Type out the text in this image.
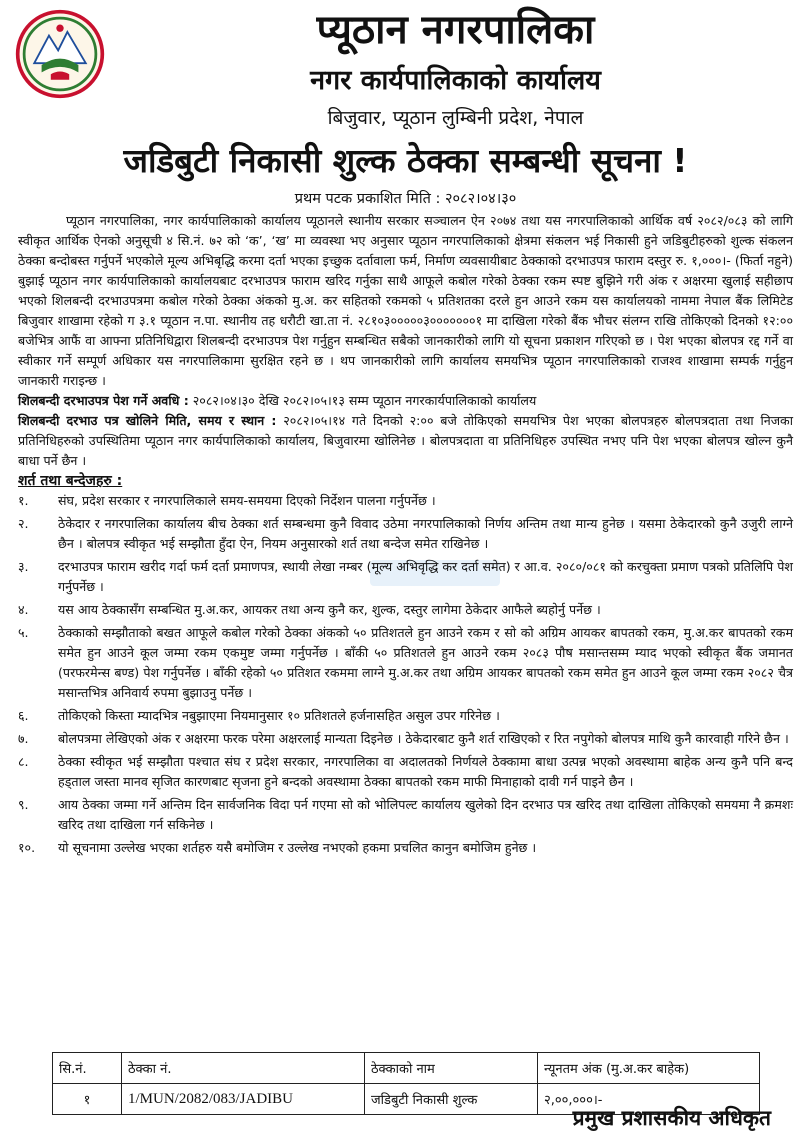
प्यूठान नगरपालिका
नगर कार्यपालिकाको कार्यालय
बिजुवार, प्यूठान लुम्बिनी प्रदेश, नेपाल
जडिबुटी निकासी शुल्क ठेक्का सम्बन्धी सूचना !
प्रथम पटक प्रकाशित मिति : २०८२।०४।३०

प्यूठान नगरपालिका, नगर कार्यपालिकाको कार्यालय प्यूठानले स्थानीय सरकार सञ्चालन ऐन २०७४ तथा यस नगरपालिकाको आर्थिक वर्ष २०८२/०८३ को लागि स्वीकृत आर्थिक ऐनको अनुसूची ४ सि.नं. ७२ को ‘क’, ‘ख’ मा व्यवस्था भए अनुसार प्यूठान नगरपालिकाको क्षेत्रमा संकलन भई निकासी हुने जडिबुटीहरुको शुल्क संकलन ठेक्का बन्दोबस्त गर्नुपर्ने भएकोले मूल्य अभिबृद्धि करमा दर्ता भएका इच्छुक दर्तावाला फर्म, निर्माण व्यवसायीबाट ठेक्काको दरभाउपत्र फाराम दस्तुर रु. १,०००।- (फिर्ता नहुने) बुझाई प्यूठान नगर कार्यपालिकाको कार्यालयबाट दरभाउपत्र फाराम खरिद गर्नुका साथै आफूले कबोल गरेको ठेक्का रकम स्पष्ट बुझिने गरी अंक र अक्षरमा खुलाई सहीछाप भएको शिलबन्दी दरभाउपत्रमा कबोल गरेको ठेक्का अंकको मु.अ. कर सहितको रकमको ५ प्रतिशतका दरले हुन आउने रकम यस कार्यालयको नाममा नेपाल बैंक लिमिटेड बिजुवार शाखामा रहेको ग ३.१ प्यूठान न.पा. स्थानीय तह धरौटी खा.ता नं. २८१०३०००००३०००००००१ मा दाखिला गरेको बैंक भौचर संलग्न राखि तोकिएको दिनको १२:०० बजेभित्र आफैं वा आफ्ना प्रतिनिधिद्वारा शिलबन्दी दरभाउपत्र पेश गर्नुहुन सम्बन्धित सबैको जानकारीको लागि यो सूचना प्रकाशन गरिएको छ । पेश भएका बोलपत्र रद्द गर्ने वा स्वीकार गर्ने सम्पूर्ण अधिकार यस नगरपालिकामा सुरक्षित रहने छ । थप जानकारीको लागि कार्यालय समयभित्र प्यूठान नगरपालिकाको राजश्व शाखामा सम्पर्क गर्नुहुन जानकारी गराइन्छ ।

शिलबन्दी दरभाउपत्र पेश गर्ने अवधि : २०८२।०४।३० देखि २०८२।०५।१३ सम्म प्यूठान नगरकार्यपालिकाको कार्यालय

शिलबन्दी दरभाउ पत्र खोलिने मिति, समय र स्थान : २०८२।०५।१४ गते दिनको २:०० बजे तोकिएको समयभित्र पेश भएका बोलपत्रहरु बोलपत्रदाता तथा निजका प्रतिनिधिहरुको उपस्थितिमा प्यूठान नगर कार्यपालिकाको कार्यालय, बिजुवारमा खोलिनेछ । बोलपत्रदाता वा प्रतिनिधिहरु उपस्थित नभए पनि पेश भएका बोलपत्र खोल्न कुनै बाधा पर्ने छैन ।

शर्त तथा बन्देजहरु :

१. संघ, प्रदेश सरकार र नगरपालिकाले समय-समयमा दिएको निर्देशन पालना गर्नुपर्नेछ ।
२. ठेकेदार र नगरपालिका कार्यालय बीच ठेक्का शर्त सम्बन्धमा कुनै विवाद उठेमा नगरपालिकाको निर्णय अन्तिम तथा मान्य हुनेछ । यसमा ठेकेदारको कुनै उजुरी लाग्ने छैन । बोलपत्र स्वीकृत भई सम्झौता हुँदा ऐन, नियम अनुसारको शर्त तथा बन्देज समेत राखिनेछ ।
३. दरभाउपत्र फाराम खरीद गर्दा फर्म दर्ता प्रमाणपत्र, स्थायी लेखा नम्बर (मूल्य अभिवृद्धि कर दर्ता समेत) र आ.व. २०८०/०८१ को करचुक्ता प्रमाण पत्रको प्रतिलिपि पेश गर्नुपर्नेछ ।
४. यस आय ठेक्कासँग सम्बन्धित मु.अ.कर, आयकर तथा अन्य कुनै कर, शुल्क, दस्तुर लागेमा ठेकेदार आफैले ब्यहोर्नु पर्नेछ ।
५. ठेक्काको सम्झौताको बखत आफूले कबोल गरेको ठेक्का अंकको ५० प्रतिशतले हुन आउने रकम र सो को अग्रिम आयकर बापतको रकम, मु.अ.कर बापतको रकम समेत हुन आउने कूल जम्मा रकम एकमुष्ट जम्मा गर्नुपर्नेछ । बाँकी ५० प्रतिशतले हुन आउने रकम २०८३ पौष मसान्तसम्म म्याद भएको स्वीकृत बैंक जमानत (परफरमेन्स बण्ड) पेश गर्नुपर्नेछ । बाँकी रहेको ५० प्रतिशत रकममा लाग्ने मु.अ.कर तथा अग्रिम आयकर बापतको रकम समेत हुन आउने कूल जम्मा रकम २०८२ चैत्र मसान्तभित्र अनिवार्य रुपमा बुझाउनु पर्नेछ ।
६. तोकिएको किस्ता म्यादभित्र नबुझाएमा नियमानुसार १० प्रतिशतले हर्जनासहित असुल उपर गरिनेछ ।
७. बोलपत्रमा लेखिएको अंक र अक्षरमा फरक परेमा अक्षरलाई मान्यता दिइनेछ । ठेकेदारबाट कुनै शर्त राखिएको र रित नपुगेको बोलपत्र माथि कुनै कारवाही गरिने छैन ।
८. ठेक्का स्वीकृत भई सम्झौता पश्चात संघ र प्रदेश सरकार, नगरपालिका वा अदालतको निर्णयले ठेक्कामा बाधा उत्पन्न भएको अवस्थामा बाहेक अन्य कुनै पनि बन्द हड्ताल जस्ता मानव सृजित कारणबाट सृजना हुने बन्दको अवस्थामा ठेक्का बापतको रकम माफी मिनाहाको दावी गर्न पाइने छैन ।
९. आय ठेक्का जम्मा गर्ने अन्तिम दिन सार्वजनिक विदा पर्न गएमा सो को भोलिपल्ट कार्यालय खुलेको दिन दरभाउ पत्र खरिद तथा दाखिला तोकिएको समयमा नै क्रमशः खरिद तथा दाखिला गर्न सकिनेछ ।
१०. यो सूचनामा उल्लेख भएका शर्तहरु यसै बमोजिम र उल्लेख नभएको हकमा प्रचलित कानुन बमोजिम हुनेछ ।
सि.नं.	ठेक्का नं.	ठेक्काको नाम	न्यूनतम अंक (मु.अ.कर बाहेक)
१	1/MUN/2082/083/JADIBU	जडिबुटी निकासी शुल्क	२,००,०००।-
प्रमुख प्रशासकीय अधिकृत
